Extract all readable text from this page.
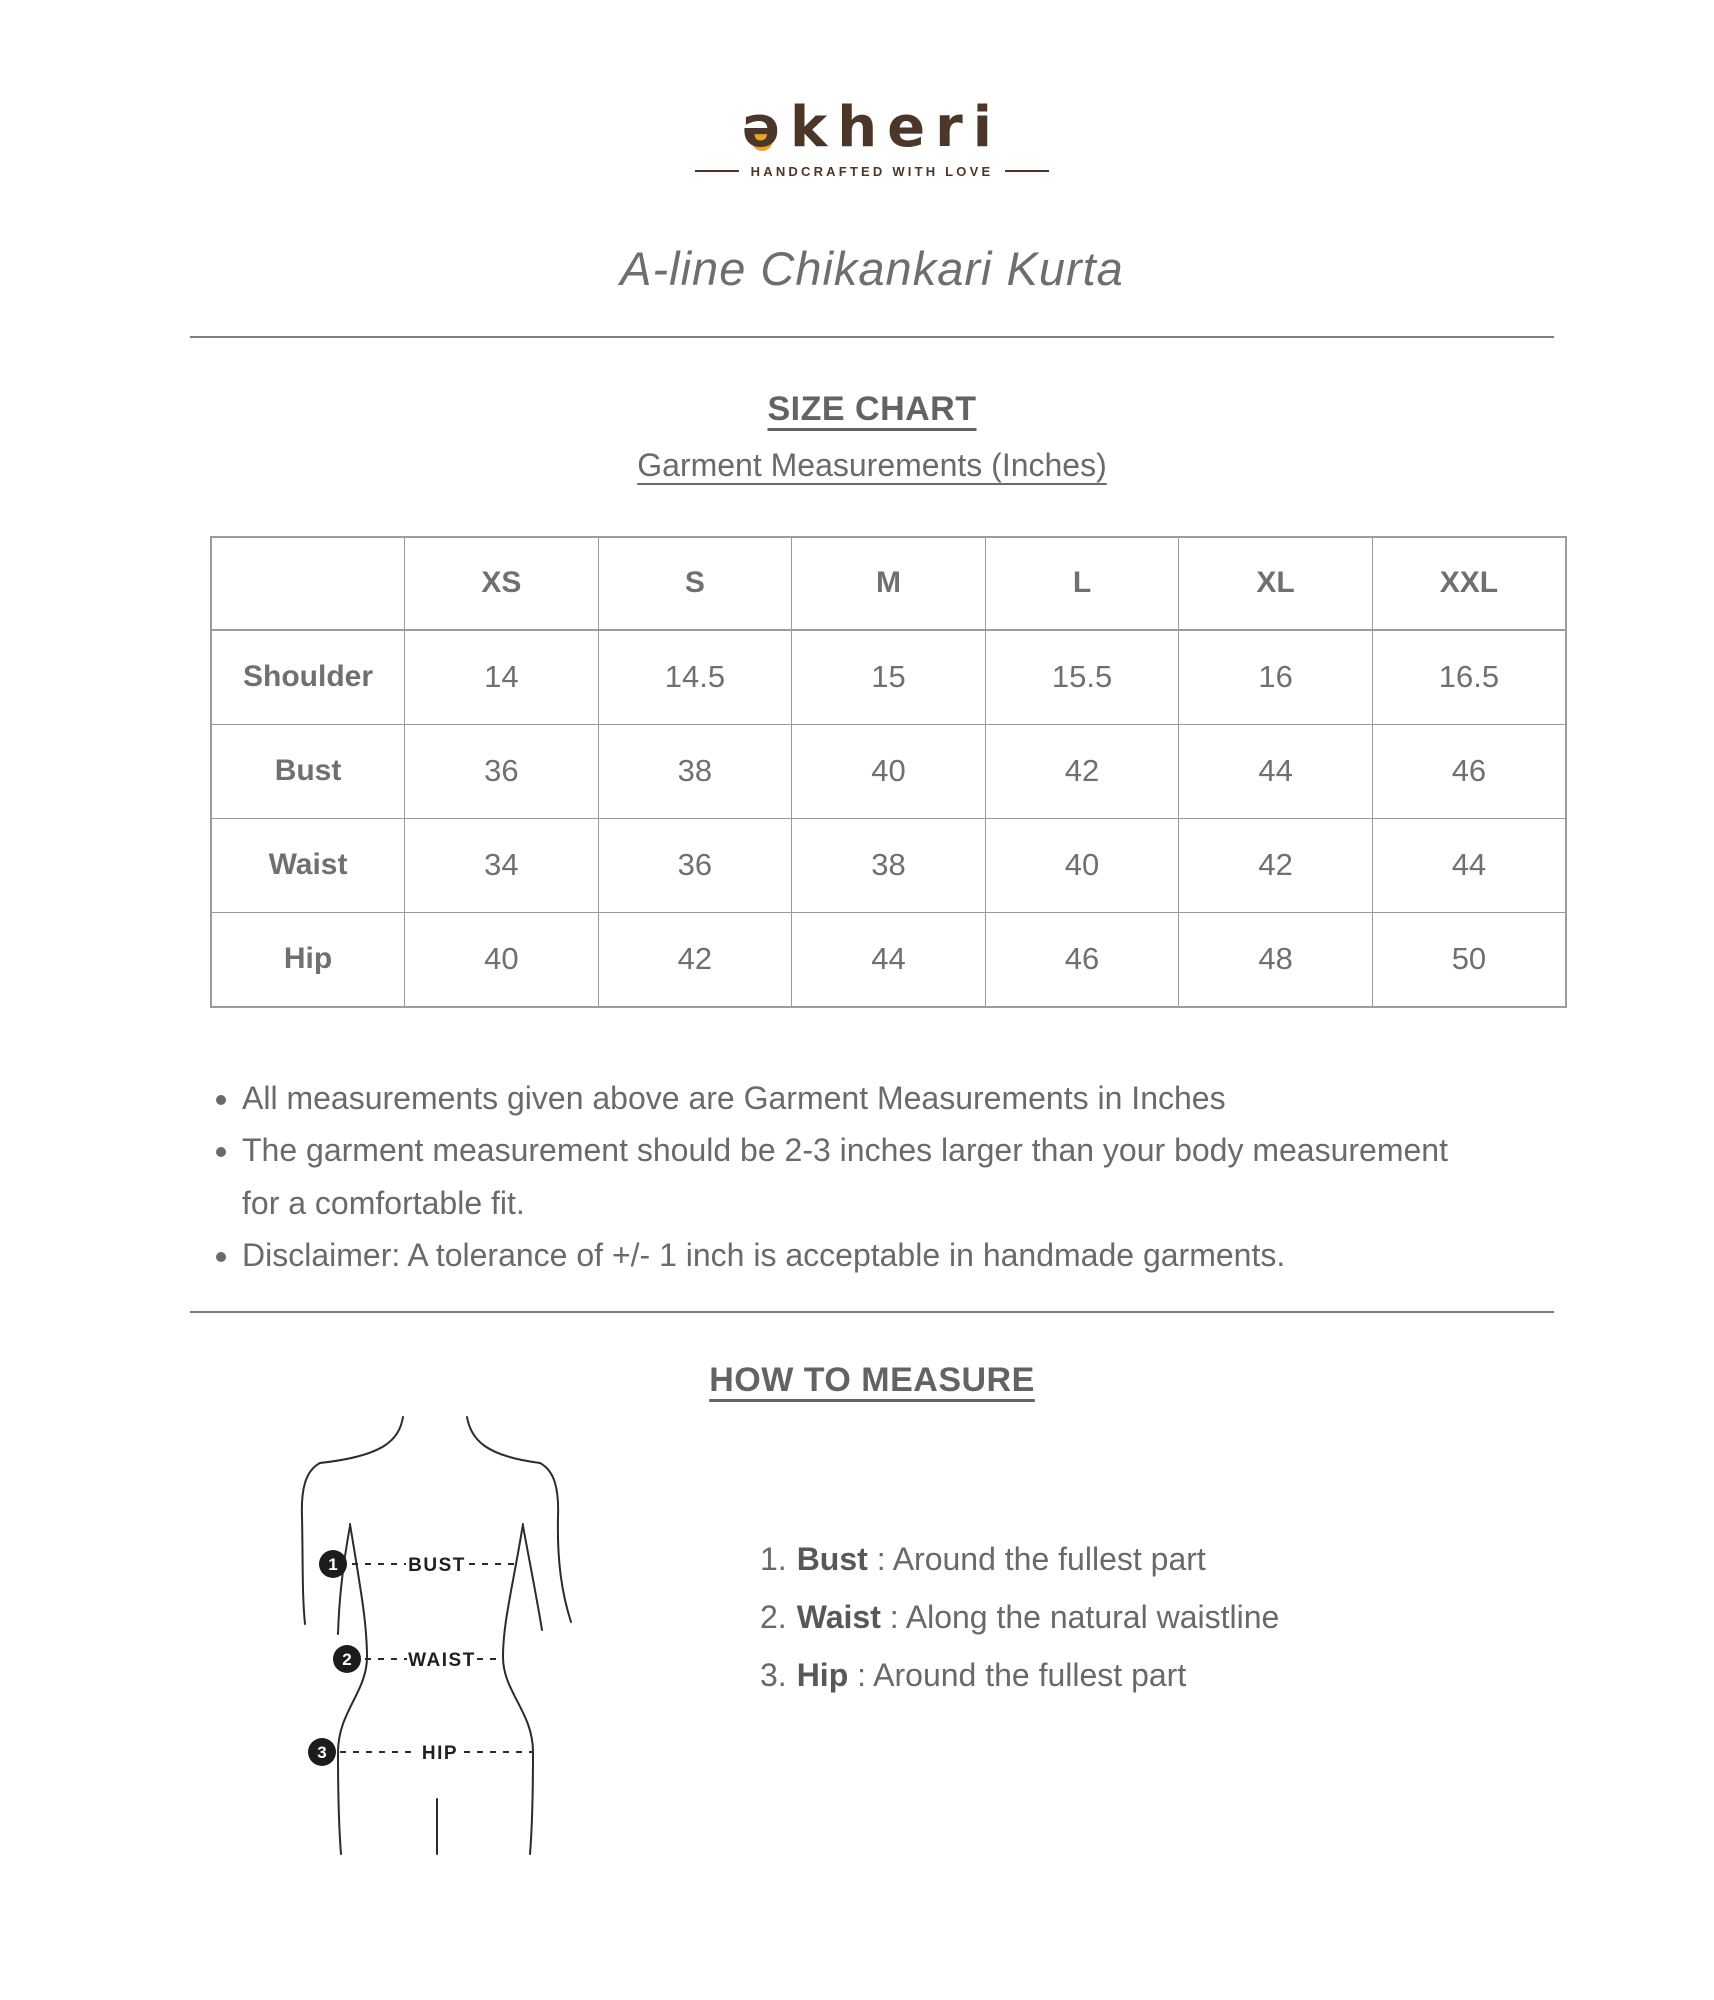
əkheri
HANDCRAFTED WITH LOVE
A-line Chikankari Kurta
SIZE CHART
Garment Measurements (Inches)
	XS	S	M	L	XL	XXL
Shoulder	14	14.5	15	15.5	16	16.5
Bust	36	38	40	42	44	46
Waist	34	36	38	40	42	44
Hip	40	42	44	46	48	50
• All measurements given above are Garment Measurements in Inches
• The garment measurement should be 2-3 inches larger than your body measurement for a comfortable fit.
• Disclaimer: A tolerance of +/- 1 inch is acceptable in handmade garments.
HOW TO MEASURE
1
2
3
BUST
WAIST
HIP
1. Bust : Around the fullest part
2. Waist : Along the natural waistline
3. Hip : Around the fullest part
